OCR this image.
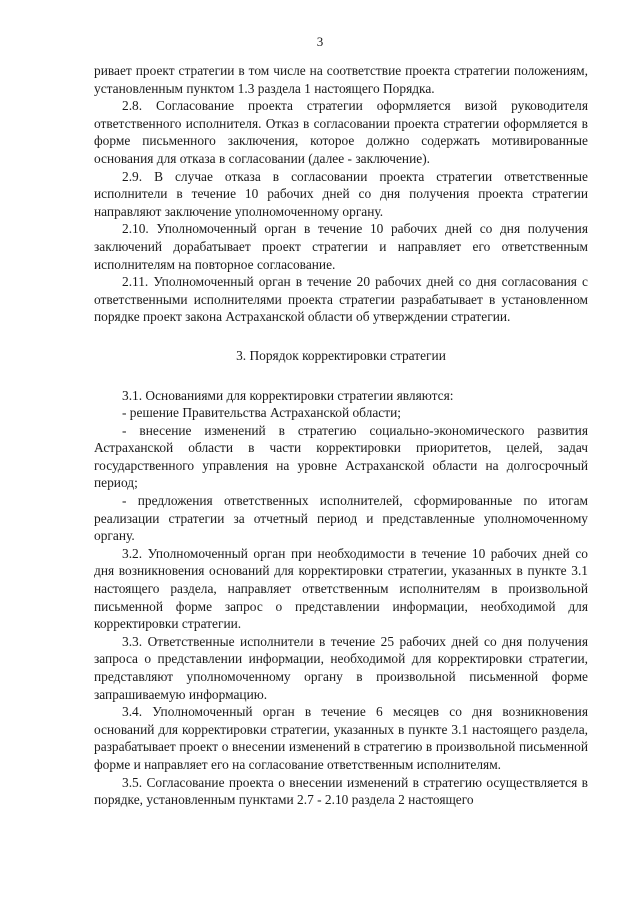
3

ривает проект стратегии в том числе на соответствие проекта стратегии положениям, установленным пунктом 1.3 раздела 1 настоящего Порядка.

2.8. Согласование проекта стратегии оформляется визой руководителя ответственного исполнителя. Отказ в согласовании проекта стратегии оформляется в форме письменного заключения, которое должно содержать мотивированные основания для отказа в согласовании (далее - заключение).

2.9. В случае отказа в согласовании проекта стратегии ответственные исполнители в течение 10 рабочих дней со дня получения проекта стратегии направляют заключение уполномоченному органу.

2.10. Уполномоченный орган в течение 10 рабочих дней со дня получения заключений дорабатывает проект стратегии и направляет его ответственным исполнителям на повторное согласование.

2.11. Уполномоченный орган в течение 20 рабочих дней со дня согласования с ответственными исполнителями проекта стратегии разрабатывает в установленном порядке проект закона Астраханской области об утверждении стратегии.

3. Порядок корректировки стратегии

3.1. Основаниями для корректировки стратегии являются:

- решение Правительства Астраханской области;

- внесение изменений в стратегию социально-экономического развития Астраханской области в части корректировки приоритетов, целей, задач государственного управления на уровне Астраханской области на долгосрочный период;

- предложения ответственных исполнителей, сформированные по итогам реализации стратегии за отчетный период и представленные уполномоченному органу.

3.2. Уполномоченный орган при необходимости в течение 10 рабочих дней со дня возникновения оснований для корректировки стратегии, указанных в пункте 3.1 настоящего раздела, направляет ответственным исполнителям в произвольной письменной форме запрос о представлении информации, необходимой для корректировки стратегии.

3.3. Ответственные исполнители в течение 25 рабочих дней со дня получения запроса о представлении информации, необходимой для корректировки стратегии, представляют уполномоченному органу в произвольной письменной форме запрашиваемую информацию.

3.4. Уполномоченный орган в течение 6 месяцев со дня возникновения оснований для корректировки стратегии, указанных в пункте 3.1 настоящего раздела, разрабатывает проект о внесении изменений в стратегию в произвольной письменной форме и направляет его на согласование ответственным исполнителям.

3.5. Согласование проекта о внесении изменений в стратегию осуществляется в порядке, установленным пунктами 2.7 - 2.10 раздела 2 настоящего
